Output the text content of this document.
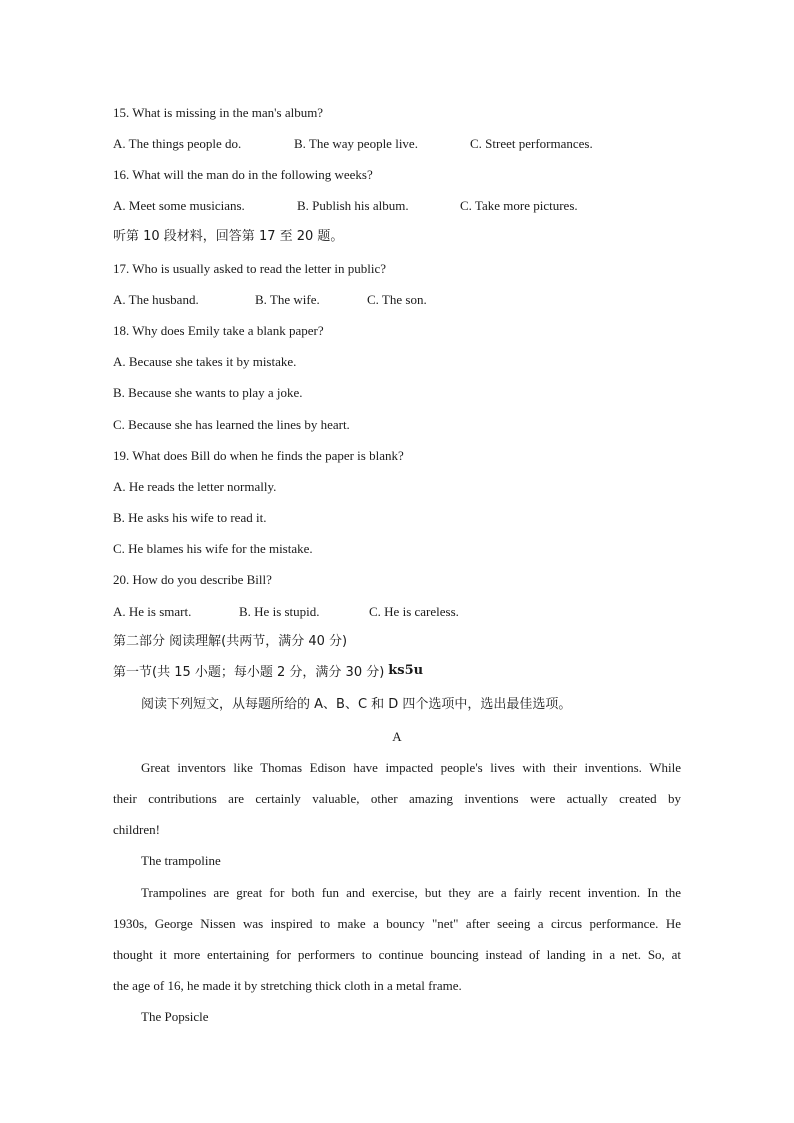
15. What is missing in the man's album?
A. The things people do.	B. The way people live.	C. Street performances.
16. What will the man do in the following weeks?
A. Meet some musicians.	B. Publish his album.	C. Take more pictures.
听第 10 段材料，回答第 17 至 20 题。
17. Who is usually asked to read the letter in public?
A. The husband.	B. The wife.	C. The son.
18. Why does Emily take a blank paper?
A. Because she takes it by mistake.
B. Because she wants to play a joke.
C. Because she has learned the lines by heart.
19. What does Bill do when he finds the paper is blank?
A. He reads the letter normally.
B. He asks his wife to read it.
C. He blames his wife for the mistake.
20. How do you describe Bill?
A. He is smart.	B. He is stupid.	C. He is careless.
第二部分 阅读理解(共两节，满分 40 分)
第一节(共 15 小题；每小题 2 分，满分 30 分) ks5u
阅读下列短文，从每题所给的 A、B、C 和 D 四个选项中，选出最佳选项。
A
Great inventors like Thomas Edison have impacted people's lives with their inventions. While
their contributions are certainly valuable, other amazing inventions were actually created by
children!
The trampoline
Trampolines are great for both fun and exercise, but they are a fairly recent invention. In the
1930s, George Nissen was inspired to make a bouncy "net" after seeing a circus performance. He
thought it more entertaining for performers to continue bouncing instead of landing in a net. So, at
the age of 16, he made it by stretching thick cloth in a metal frame.
The Popsicle
